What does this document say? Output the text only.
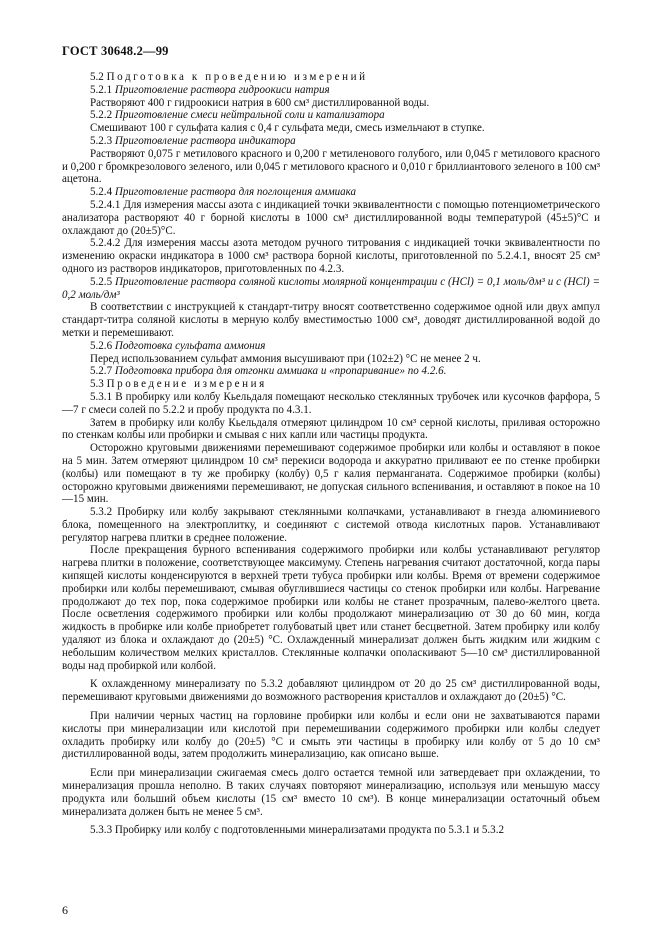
ГОСТ 30648.2—99

5.2 Подготовка к проведению измерений

5.2.1 Приготовление раствора гидроокиси натрия

Растворяют 400 г гидроокиси натрия в 600 см³ дистиллированной воды.

5.2.2 Приготовление смеси нейтральной соли и катализатора

Смешивают 100 г сульфата калия с 0,4 г сульфата меди, смесь измельчают в ступке.

5.2.3 Приготовление раствора индикатора

Растворяют 0,075 г метилового красного и 0,200 г метиленового голубого, или 0,045 г метилового красного и 0,200 г бромкрезолового зеленого, или 0,045 г метилового красного и 0,010 г бриллиантового зеленого в 100 см³ ацетона.

5.2.4 Приготовление раствора для поглощения аммиака

5.2.4.1 Для измерения массы азота с индикацией точки эквивалентности с помощью потенциометрического анализатора растворяют 40 г борной кислоты в 1000 см³ дистиллированной воды температурой (45±5)°С и охлаждают до (20±5)°С.

5.2.4.2 Для измерения массы азота методом ручного титрования с индикацией точки эквивалентности по изменению окраски индикатора в 1000 см³ раствора борной кислоты, приготовленной по 5.2.4.1, вносят 25 см³ одного из растворов индикаторов, приготовленных по 4.2.3.

5.2.5 Приготовление раствора соляной кислоты молярной концентрации с (HCl) = 0,1 моль/дм³ и с (HCl) = 0,2 моль/дм³

В соответствии с инструкцией к стандарт-титру вносят соответственно содержимое одной или двух ампул стандарт-титра соляной кислоты в мерную колбу вместимостью 1000 см³, доводят дистиллированной водой до метки и перемешивают.

5.2.6 Подготовка сульфата аммония

Перед использованием сульфат аммония высушивают при (102±2) °С не менее 2 ч.

5.2.7 Подготовка прибора для отгонки аммиака и «пропаривание» по 4.2.6.

5.3 Проведение измерения

5.3.1 В пробирку или колбу Кьельдаля помещают несколько стеклянных трубочек или кусочков фарфора, 5—7 г смеси солей по 5.2.2 и пробу продукта по 4.3.1.

Затем в пробирку или колбу Кьельдаля отмеряют цилиндром 10 см³ серной кислоты, приливая осторожно по стенкам колбы или пробирки и смывая с них капли или частицы продукта.

Осторожно круговыми движениями перемешивают содержимое пробирки или колбы и оставляют в покое на 5 мин. Затем отмеряют цилиндром 10 см³ перекиси водорода и аккуратно приливают ее по стенке пробирки (колбы) или помещают в ту же пробирку (колбу) 0,5 г калия перманганата. Содержимое пробирки (колбы) осторожно круговыми движениями перемешивают, не допуская сильного вспенивания, и оставляют в покое на 10—15 мин.

5.3.2 Пробирку или колбу закрывают стеклянными колпачками, устанавливают в гнезда алюминиевого блока, помещенного на электроплитку, и соединяют с системой отвода кислотных паров. Устанавливают регулятор нагрева плитки в среднее положение.

После прекращения бурного вспенивания содержимого пробирки или колбы устанавливают регулятор нагрева плитки в положение, соответствующее максимуму. Степень нагревания считают достаточной, когда пары кипящей кислоты конденсируются в верхней трети тубуса пробирки или колбы. Время от времени содержимое пробирки или колбы перемешивают, смывая обуглившиеся частицы со стенок пробирки или колбы. Нагревание продолжают до тех пор, пока содержимое пробирки или колбы не станет прозрачным, палево-желтого цвета. После осветления содержимого пробирки или колбы продолжают минерализацию от 30 до 60 мин, когда жидкость в пробирке или колбе приобретет голубоватый цвет или станет бесцветной. Затем пробирку или колбу удаляют из блока и охлаждают до (20±5) °С. Охлажденный минерализат должен быть жидким или жидким с небольшим количеством мелких кристаллов. Стеклянные колпачки ополаскивают 5—10 см³ дистиллированной воды над пробиркой или колбой.

К охлажденному минерализату по 5.3.2 добавляют цилиндром от 20 до 25 см³ дистиллированной воды, перемешивают круговыми движениями до возможного растворения кристаллов и охлаждают до (20±5) °С.

При наличии черных частиц на горловине пробирки или колбы и если они не захватываются парами кислоты при минерализации или кислотой при перемешивании содержимого пробирки или колбы следует охладить пробирку или колбу до (20±5) °С и смыть эти частицы в пробирку или колбу от 5 до 10 см³ дистиллированной воды, затем продолжить минерализацию, как описано выше.

Если при минерализации сжигаемая смесь долго остается темной или затвердевает при охлаждении, то минерализация прошла неполно. В таких случаях повторяют минерализацию, используя или меньшую массу продукта или больший объем кислоты (15 см³ вместо 10 см³). В конце минерализации остаточный объем минерализата должен быть не менее 5 см³.

5.3.3 Пробирку или колбу с подготовленными минерализатами продукта по 5.3.1 и 5.3.2

6
